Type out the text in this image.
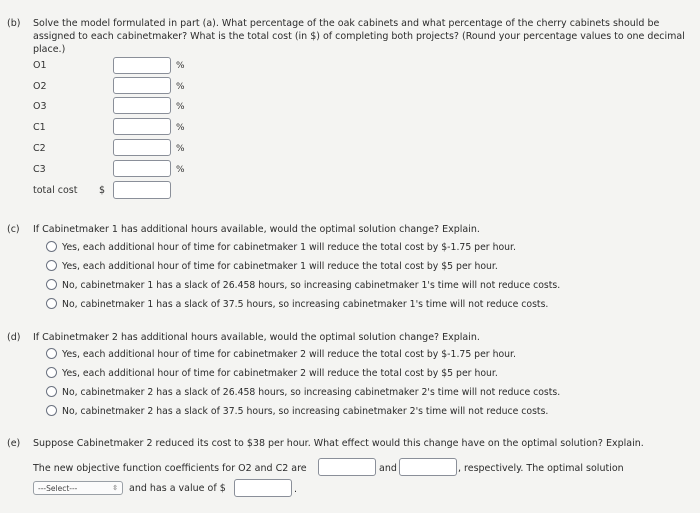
(b) Solve the model formulated in part (a). What percentage of the oak cabinets and what percentage of the cherry cabinets should be
assigned to each cabinetmaker? What is the total cost (in $) of completing both projects? (Round your percentage values to one decimal
place.)
O1	%
O2	%
O3	%
C1	%
C2	%
C3	%
total cost $
(c) If Cabinetmaker 1 has additional hours available, would the optimal solution change? Explain.
Yes, each additional hour of time for cabinetmaker 1 will reduce the total cost by $-1.75 per hour.
Yes, each additional hour of time for cabinetmaker 1 will reduce the total cost by $5 per hour.
No, cabinetmaker 1 has a slack of 26.458 hours, so increasing cabinetmaker 1's time will not reduce costs.
No, cabinetmaker 1 has a slack of 37.5 hours, so increasing cabinetmaker 1's time will not reduce costs.
(d) If Cabinetmaker 2 has additional hours available, would the optimal solution change? Explain.
Yes, each additional hour of time for cabinetmaker 2 will reduce the total cost by $-1.75 per hour.
Yes, each additional hour of time for cabinetmaker 2 will reduce the total cost by $5 per hour.
No, cabinetmaker 2 has a slack of 26.458 hours, so increasing cabinetmaker 2's time will not reduce costs.
No, cabinetmaker 2 has a slack of 37.5 hours, so increasing cabinetmaker 2's time will not reduce costs.
(e) Suppose Cabinetmaker 2 reduced its cost to $38 per hour. What effect would this change have on the optimal solution? Explain.
The new objective function coefficients for O2 and C2 are	and	, respectively. The optimal solution
---Select---	⇳ and has a value of $	.
